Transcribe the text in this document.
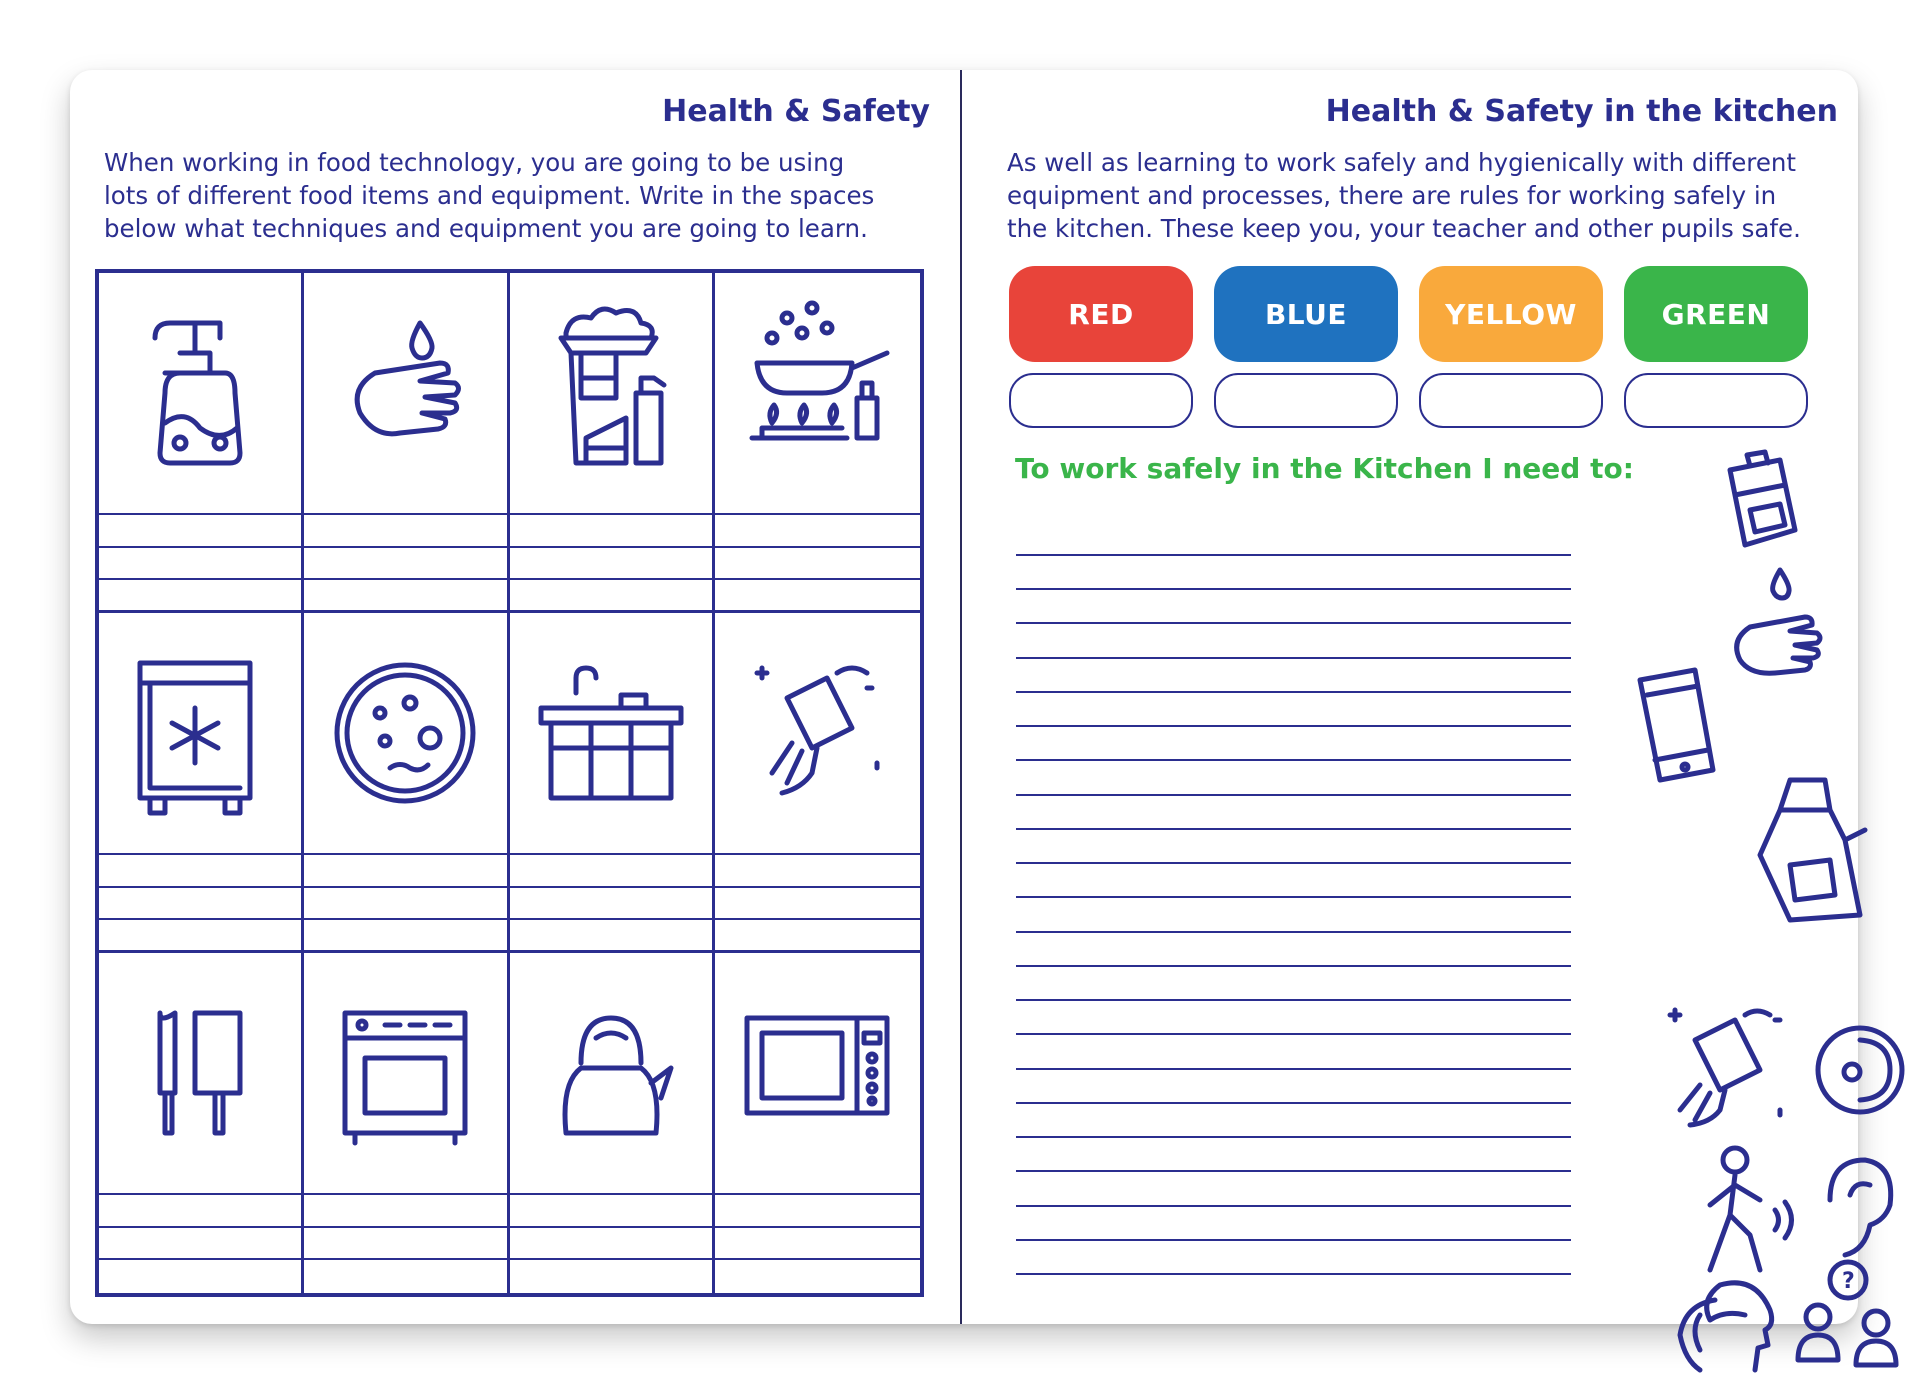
Health & Safety
When working in food technology, you are going to be using
lots of different food items and equipment. Write in the spaces
below what techniques and equipment you are going to learn.
Health & Safety in the kitchen
As well as learning to work safely and hygienically with different
equipment and processes, there are rules for working safely in
the kitchen. These keep you, your teacher and other pupils safe.
RED	BLUE	YELLOW	GREEN
To work safely in the Kitchen I need to:
?
